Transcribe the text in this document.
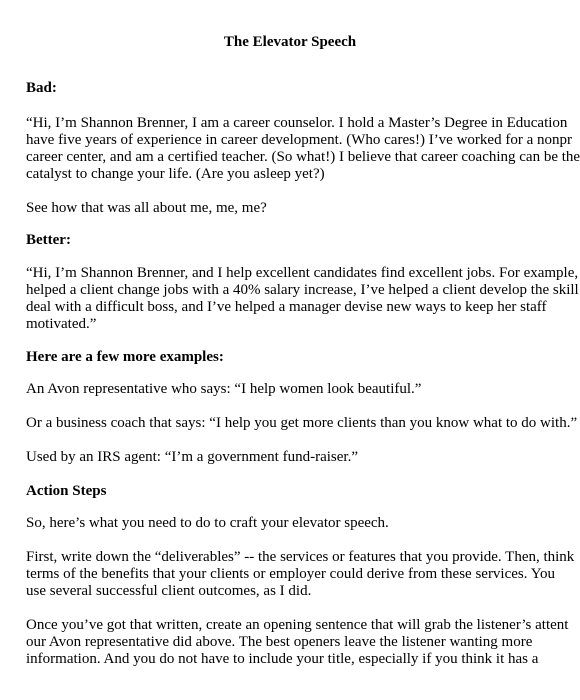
The Elevator Speech
Bad:
“Hi, I’m Shannon Brenner, I am a career counselor. I hold a Master’s Degree in Education
have five years of experience in career development. (Who cares!) I’ve worked for a nonpr
career center, and am a certified teacher. (So what!) I believe that career coaching can be the
catalyst to change your life. (Are you asleep yet?)
See how that was all about me, me, me?
Better:
“Hi, I’m Shannon Brenner, and I help excellent candidates find excellent jobs. For example,
helped a client change jobs with a 40% salary increase, I’ve helped a client develop the skill
deal with a difficult boss, and I’ve helped a manager devise new ways to keep her staff
motivated.”
Here are a few more examples:
An Avon representative who says: “I help women look beautiful.”
Or a business coach that says: “I help you get more clients than you know what to do with.”
Used by an IRS agent: “I’m a government fund-raiser.”
Action Steps
So, here’s what you need to do to craft your elevator speech.
First, write down the “deliverables” -- the services or features that you provide. Then, think
terms of the benefits that your clients or employer could derive from these services. You
use several successful client outcomes, as I did.
Once you’ve got that written, create an opening sentence that will grab the listener’s attent
our Avon representative did above. The best openers leave the listener wanting more
information. And you do not have to include your title, especially if you think it has a
